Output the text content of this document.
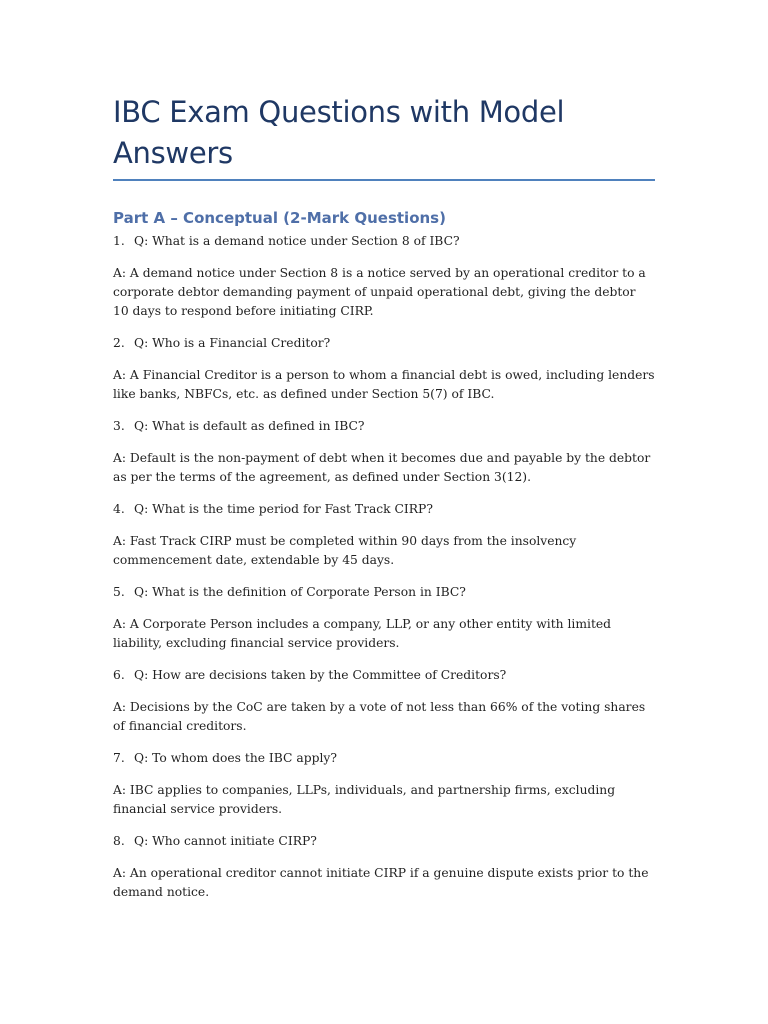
IBC Exam Questions with Model Answers
Part A – Conceptual (2-Mark Questions)

1. Q: What is a demand notice under Section 8 of IBC?

A: A demand notice under Section 8 is a notice served by an operational creditor to a corporate debtor demanding payment of unpaid operational debt, giving the debtor 10 days to respond before initiating CIRP.

2. Q: Who is a Financial Creditor?

A: A Financial Creditor is a person to whom a financial debt is owed, including lenders like banks, NBFCs, etc. as defined under Section 5(7) of IBC.

3. Q: What is default as defined in IBC?

A: Default is the non-payment of debt when it becomes due and payable by the debtor as per the terms of the agreement, as defined under Section 3(12).

4. Q: What is the time period for Fast Track CIRP?

A: Fast Track CIRP must be completed within 90 days from the insolvency commencement date, extendable by 45 days.

5. Q: What is the definition of Corporate Person in IBC?

A: A Corporate Person includes a company, LLP, or any other entity with limited liability, excluding financial service providers.

6. Q: How are decisions taken by the Committee of Creditors?

A: Decisions by the CoC are taken by a vote of not less than 66% of the voting shares of financial creditors.

7. Q: To whom does the IBC apply?

A: IBC applies to companies, LLPs, individuals, and partnership firms, excluding financial service providers.

8. Q: Who cannot initiate CIRP?

A: An operational creditor cannot initiate CIRP if a genuine dispute exists prior to the demand notice.
